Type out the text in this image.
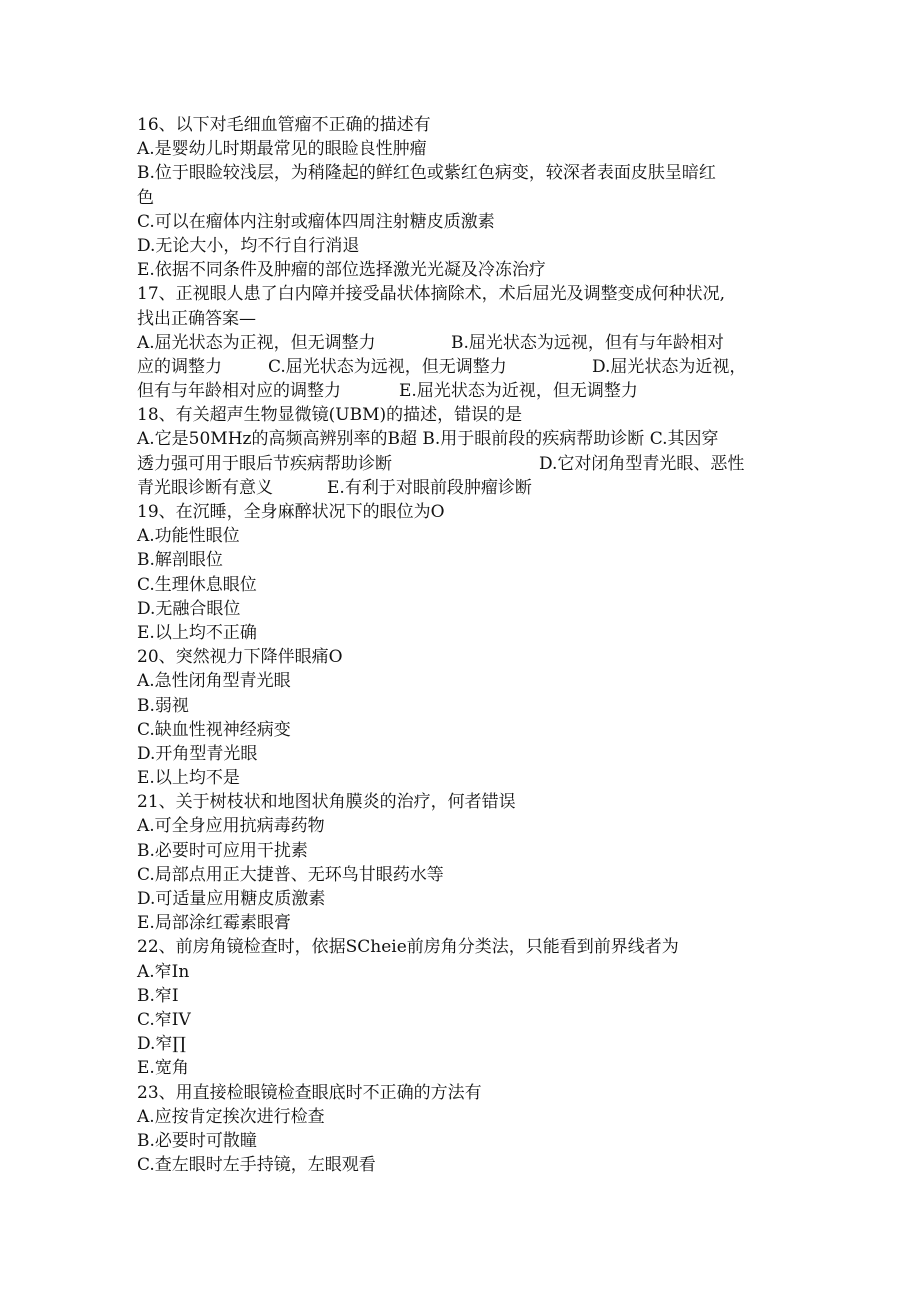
16、以下对毛细血管瘤不正确的描述有
A.是婴幼儿时期最常见的眼睑良性肿瘤
B.位于眼睑较浅层，为稍隆起的鲜红色或紫红色病变，较深者表面皮肤呈暗红
色
C.可以在瘤体内注射或瘤体四周注射糖皮质激素
D.无论大小，均不行自行消退
E.依据不同条件及肿瘤的部位选择激光光凝及冷冻治疗
17、正视眼人患了白内障并接受晶状体摘除术，术后屈光及调整变成何种状况,
找出正确答案—
A.屈光状态为正视，但无调整力	B.屈光状态为远视，但有与年龄相对
应的调整力	C.屈光状态为远视，但无调整力	D.屈光状态为近视，
但有与年龄相对应的调整力	E.屈光状态为近视，但无调整力
18、有关超声生物显微镜(UBM)的描述，错误的是
A.它是50MHz的高频高辨别率的B超 B.用于眼前段的疾病帮助诊断 C.其因穿
透力强可用于眼后节疾病帮助诊断	D.它对闭角型青光眼、恶性
青光眼诊断有意义	E.有利于对眼前段肿瘤诊断
19、在沉睡，全身麻醉状况下的眼位为O
A.功能性眼位
B.解剖眼位
C.生理休息眼位
D.无融合眼位
E.以上均不正确
20、突然视力下降伴眼痛O
A.急性闭角型青光眼
B.弱视
C.缺血性视神经病变
D.开角型青光眼
E.以上均不是
21、关于树枝状和地图状角膜炎的治疗，何者错误
A.可全身应用抗病毒药物
B.必要时可应用干扰素
C.局部点用正大捷普、无环鸟甘眼药水等
D.可适量应用糖皮质激素
E.局部涂红霉素眼膏
22、前房角镜检查时，依据SCheie前房角分类法，只能看到前界线者为
A.窄In
B.窄I
C.窄IV
D.窄∏
E.宽角
23、用直接检眼镜检查眼底时不正确的方法有
A.应按肯定挨次进行检查
B.必要时可散瞳
C.查左眼时左手持镜，左眼观看
